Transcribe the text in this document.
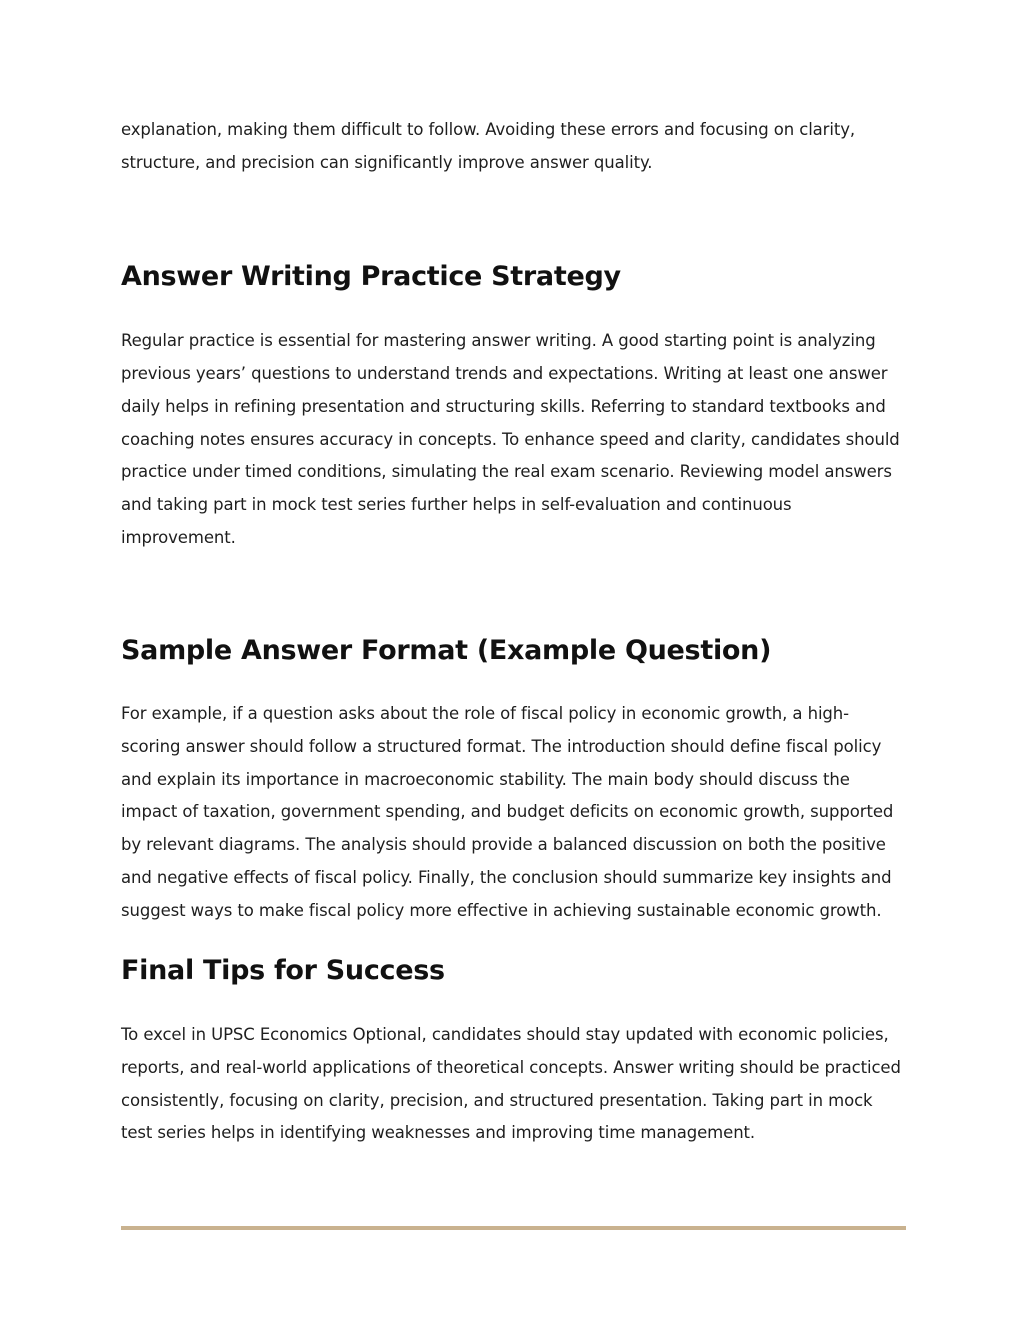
explanation, making them difficult to follow. Avoiding these errors and focusing on clarity, structure, and precision can significantly improve answer quality.

Answer Writing Practice Strategy

Regular practice is essential for mastering answer writing. A good starting point is analyzing previous years’ questions to understand trends and expectations. Writing at least one answer daily helps in refining presentation and structuring skills. Referring to standard textbooks and coaching notes ensures accuracy in concepts. To enhance speed and clarity, candidates should practice under timed conditions, simulating the real exam scenario. Reviewing model answers and taking part in mock test series further helps in self-evaluation and continuous improvement.

Sample Answer Format (Example Question)

For example, if a question asks about the role of fiscal policy in economic growth, a high-scoring answer should follow a structured format. The introduction should define fiscal policy and explain its importance in macroeconomic stability. The main body should discuss the impact of taxation, government spending, and budget deficits on economic growth, supported by relevant diagrams. The analysis should provide a balanced discussion on both the positive and negative effects of fiscal policy. Finally, the conclusion should summarize key insights and suggest ways to make fiscal policy more effective in achieving sustainable economic growth.

Final Tips for Success

To excel in UPSC Economics Optional, candidates should stay updated with economic policies, reports, and real-world applications of theoretical concepts. Answer writing should be practiced consistently, focusing on clarity, precision, and structured presentation. Taking part in mock test series helps in identifying weaknesses and improving time management.
